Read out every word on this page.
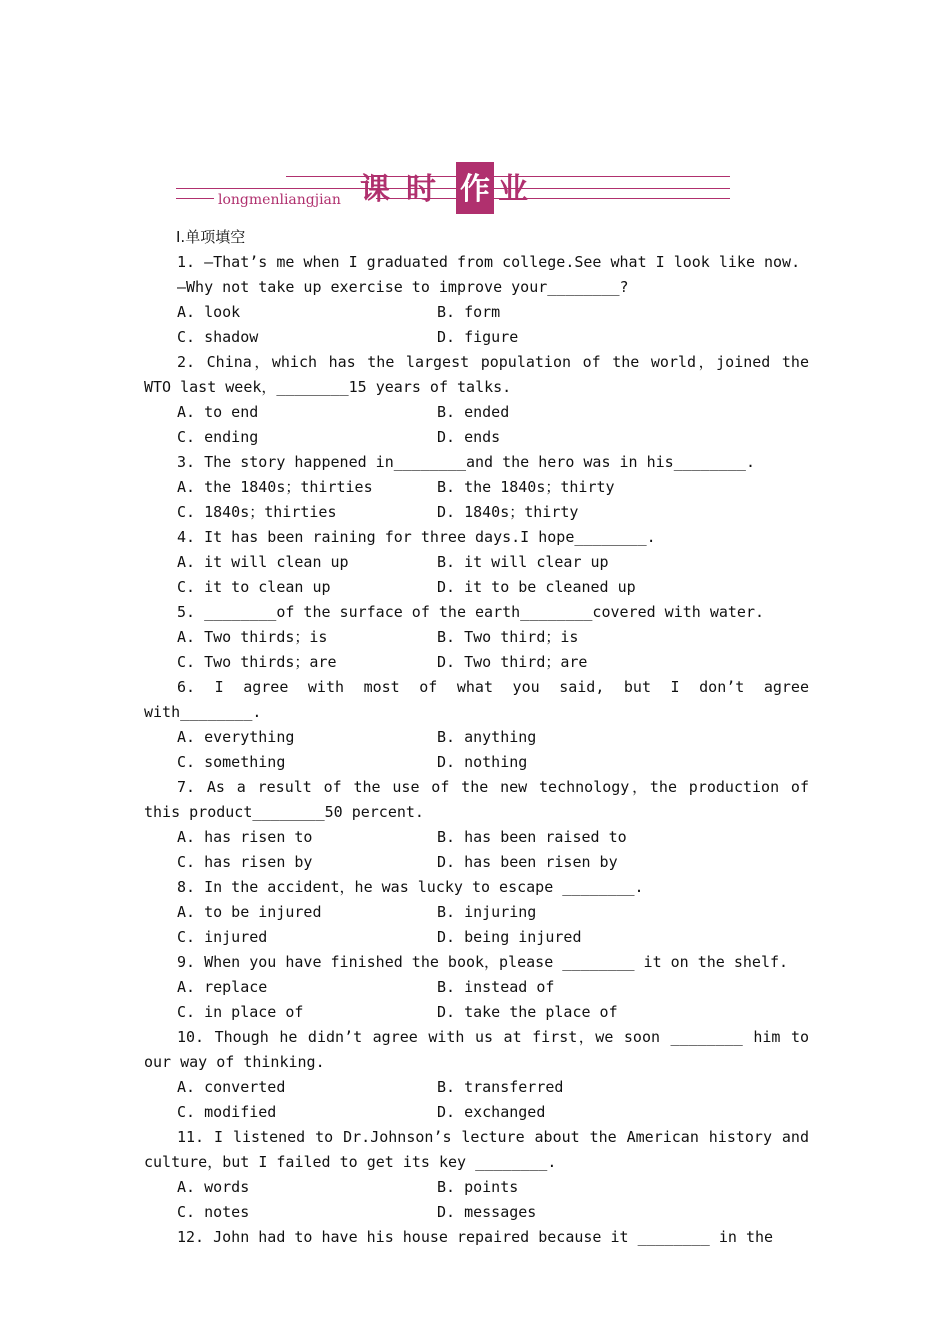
课时 作 业
longmenliangjian
Ⅰ.单项填空
1. —That’s me when I graduated from college.See what I look like now.
—Why not take up exercise to improve your________?
A. look	B. form
C. shadow	D. figure
2. China，which has the largest population of the world，joined the WTO last week，________15 years of talks.
A. to end	B. ended
C. ending	D. ends
3. The story happened in________and the hero was in his________.
A. the 1840s；thirties	B. the 1840s；thirty
C. 1840s；thirties	D. 1840s；thirty
4. It has been raining for three days.I hope________.
A. it will clean up	B. it will clear up
C. it to clean up	D. it to be cleaned up
5. ________of the surface of the earth________covered with water.
A. Two thirds；is	B. Two third；is
C. Two thirds；are	D. Two third；are
6. I agree with most of what you said, but I don’t agree with________.
A. everything	B. anything
C. something	D. nothing
7. As a result of the use of the new technology，the production of this product________50 percent.
A. has risen to	B. has been raised to
C. has risen by	D. has been risen by
8. In the accident，he was lucky to escape ________.
A. to be injured	B. injuring
C. injured	D. being injured
9. When you have finished the book，please ________ it on the shelf.
A. replace	B. instead of
C. in place of	D. take the place of
10. Though he didn’t agree with us at first，we soon ________ him to our way of thinking.
A. converted	B. transferred
C. modified	D. exchanged
11. I listened to Dr.Johnson’s lecture about the American history and culture，but I failed to get its key ________.
A. words	B. points
C. notes	D. messages
12. John had to have his house repaired because it ________ in the
